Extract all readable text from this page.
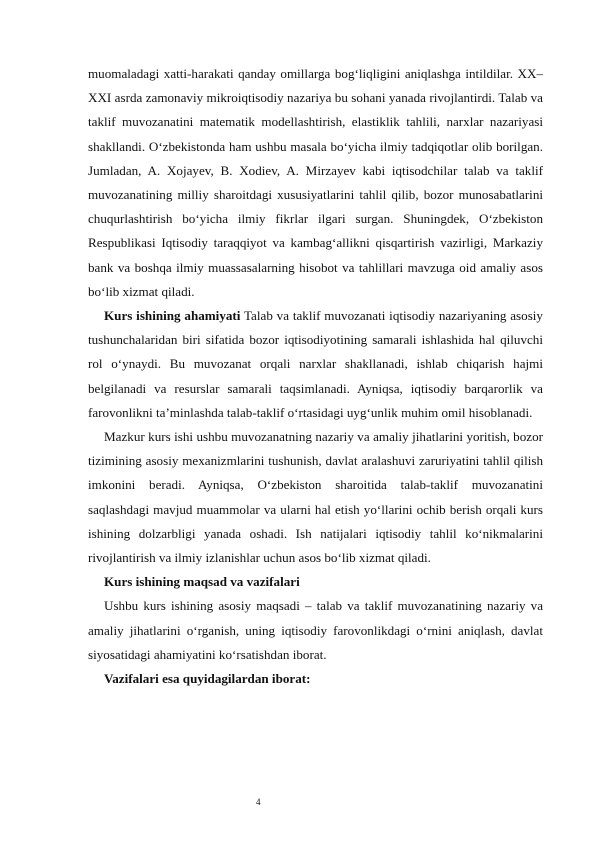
muomaladagi xatti-harakati qanday omillarga bog‘liqligini aniqlashga intildilar. XX–XXI asrda zamonaviy mikroiqtisodiy nazariya bu sohani yanada rivojlantirdi. Talab va taklif muvozanatini matematik modellashtirish, elastiklik tahlili, narxlar nazariyasi shakllandi. O‘zbekistonda ham ushbu masala bo‘yicha ilmiy tadqiqotlar olib borilgan. Jumladan, A. Xojayev, B. Xodiev, A. Mirzayev kabi iqtisodchilar talab va taklif muvozanatining milliy sharoitdagi xususiyatlarini tahlil qilib, bozor munosabatlarini chuqurlashtirish bo‘yicha ilmiy fikrlar ilgari surgan. Shuningdek, O‘zbekiston Respublikasi Iqtisodiy taraqqiyot va kambag‘allikni qisqartirish vazirligi, Markaziy bank va boshqa ilmiy muassasalarning hisobot va tahlillari mavzuga oid amaliy asos bo‘lib xizmat qiladi.

Kurs ishining ahamiyati Talab va taklif muvozanati iqtisodiy nazariyaning asosiy tushunchalaridan biri sifatida bozor iqtisodiyotining samarali ishlashida hal qiluvchi rol o‘ynaydi. Bu muvozanat orqali narxlar shakllanadi, ishlab chiqarish hajmi belgilanadi va resurslar samarali taqsimlanadi. Ayniqsa, iqtisodiy barqarorlik va farovonlikni ta’minlashda talab-taklif o‘rtasidagi uyg‘unlik muhim omil hisoblanadi.

Mazkur kurs ishi ushbu muvozanatning nazariy va amaliy jihatlarini yoritish, bozor tizimining asosiy mexanizmlarini tushunish, davlat aralashuvi zaruriyatini tahlil qilish imkonini beradi. Ayniqsa, O‘zbekiston sharoitida talab-taklif muvozanatini saqlashdagi mavjud muammolar va ularni hal etish yo‘llarini ochib berish orqali kurs ishining dolzarbligi yanada oshadi. Ish natijalari iqtisodiy tahlil ko‘nikmalarini rivojlantirish va ilmiy izlanishlar uchun asos bo‘lib xizmat qiladi.

Kurs ishining maqsad va vazifalari

Ushbu kurs ishining asosiy maqsadi – talab va taklif muvozanatining nazariy va amaliy jihatlarini o‘rganish, uning iqtisodiy farovonlikdagi o‘rnini aniqlash, davlat siyosatidagi ahamiyatini ko‘rsatishdan iborat.

Vazifalari esa quyidagilardan iborat:

4
